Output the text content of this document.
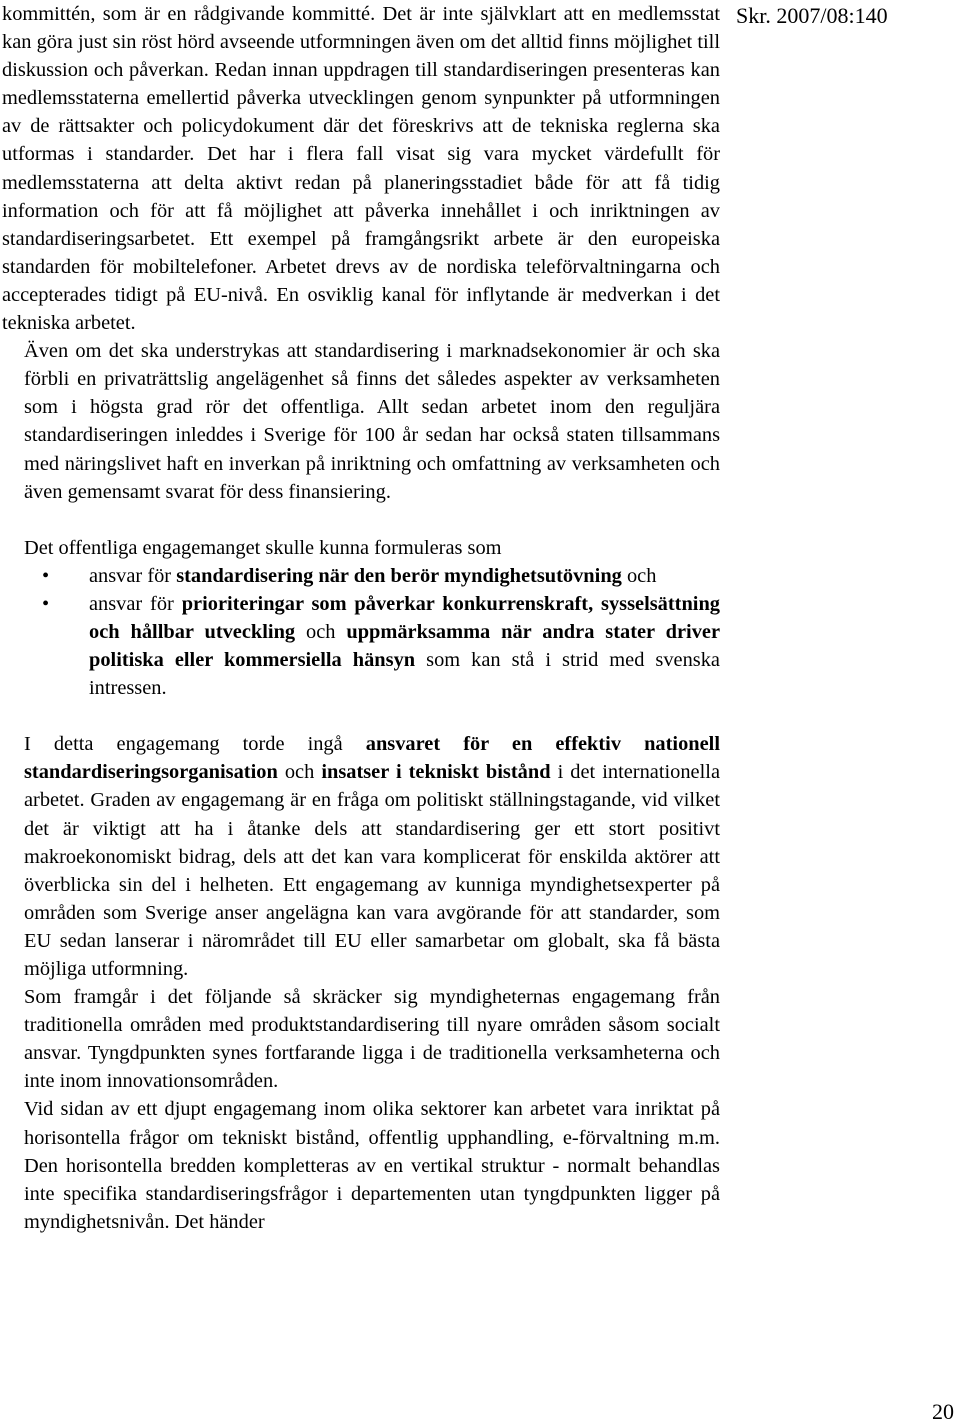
Skr. 2007/08:140

kommittén, som är en rådgivande kommitté. Det är inte självklart att en medlemsstat kan göra just sin röst hörd avseende utformningen även om det alltid finns möjlighet till diskussion och påverkan. Redan innan uppdragen till standardiseringen presenteras kan medlemsstaterna emellertid påverka utvecklingen genom synpunkter på utformningen av de rättsakter och policydokument där det föreskrivs att de tekniska reglerna ska utformas i standarder. Det har i flera fall visat sig vara mycket värdefullt för medlemsstaterna att delta aktivt redan på planeringsstadiet både för att få tidig information och för att få möjlighet att påverka innehållet i och inriktningen av standardiseringsarbetet. Ett exempel på framgångsrikt arbete är den europeiska standarden för mobiltelefoner. Arbetet drevs av de nordiska teleförvaltningarna och accepterades tidigt på EU-nivå. En osviklig kanal för inflytande är medverkan i det tekniska arbetet.

Även om det ska understrykas att standardisering i marknadsekonomier är och ska förbli en privaträttslig angelägenhet så finns det således aspekter av verksamheten som i högsta grad rör det offentliga. Allt sedan arbetet inom den reguljära standardiseringen inleddes i Sverige för 100 år sedan har också staten tillsammans med näringslivet haft en inverkan på inriktning och omfattning av verksamheten och även gemensamt svarat för dess finansiering.

Det offentliga engagemanget skulle kunna formuleras som

• ansvar för standardisering när den berör myndighetsutövning och
• ansvar för prioriteringar som påverkar konkurrenskraft, sysselsättning och hållbar utveckling och uppmärksamma när andra stater driver politiska eller kommersiella hänsyn som kan stå i strid med svenska intressen.

I detta engagemang torde ingå ansvaret för en effektiv nationell standardiseringsorganisation och insatser i tekniskt bistånd i det internationella arbetet. Graden av engagemang är en fråga om politiskt ställningstagande, vid vilket det är viktigt att ha i åtanke dels att standardisering ger ett stort positivt makroekonomiskt bidrag, dels att det kan vara komplicerat för enskilda aktörer att överblicka sin del i helheten. Ett engagemang av kunniga myndighetsexperter på områden som Sverige anser angelägna kan vara avgörande för att standarder, som EU sedan lanserar i närområdet till EU eller samarbetar om globalt, ska få bästa möjliga utformning.

Som framgår i det följande så skräcker sig myndigheternas engagemang från traditionella områden med produktstandardisering till nyare områden såsom socialt ansvar. Tyngdpunkten synes fortfarande ligga i de traditionella verksamheterna och inte inom innovationsområden.

Vid sidan av ett djupt engagemang inom olika sektorer kan arbetet vara inriktat på horisontella frågor om tekniskt bistånd, offentlig upphandling, e-förvaltning m.m. Den horisontella bredden kompletteras av en vertikal struktur - normalt behandlas inte specifika standardiseringsfrågor i departementen utan tyngdpunkten ligger på myndighetsnivån. Det händer

20
